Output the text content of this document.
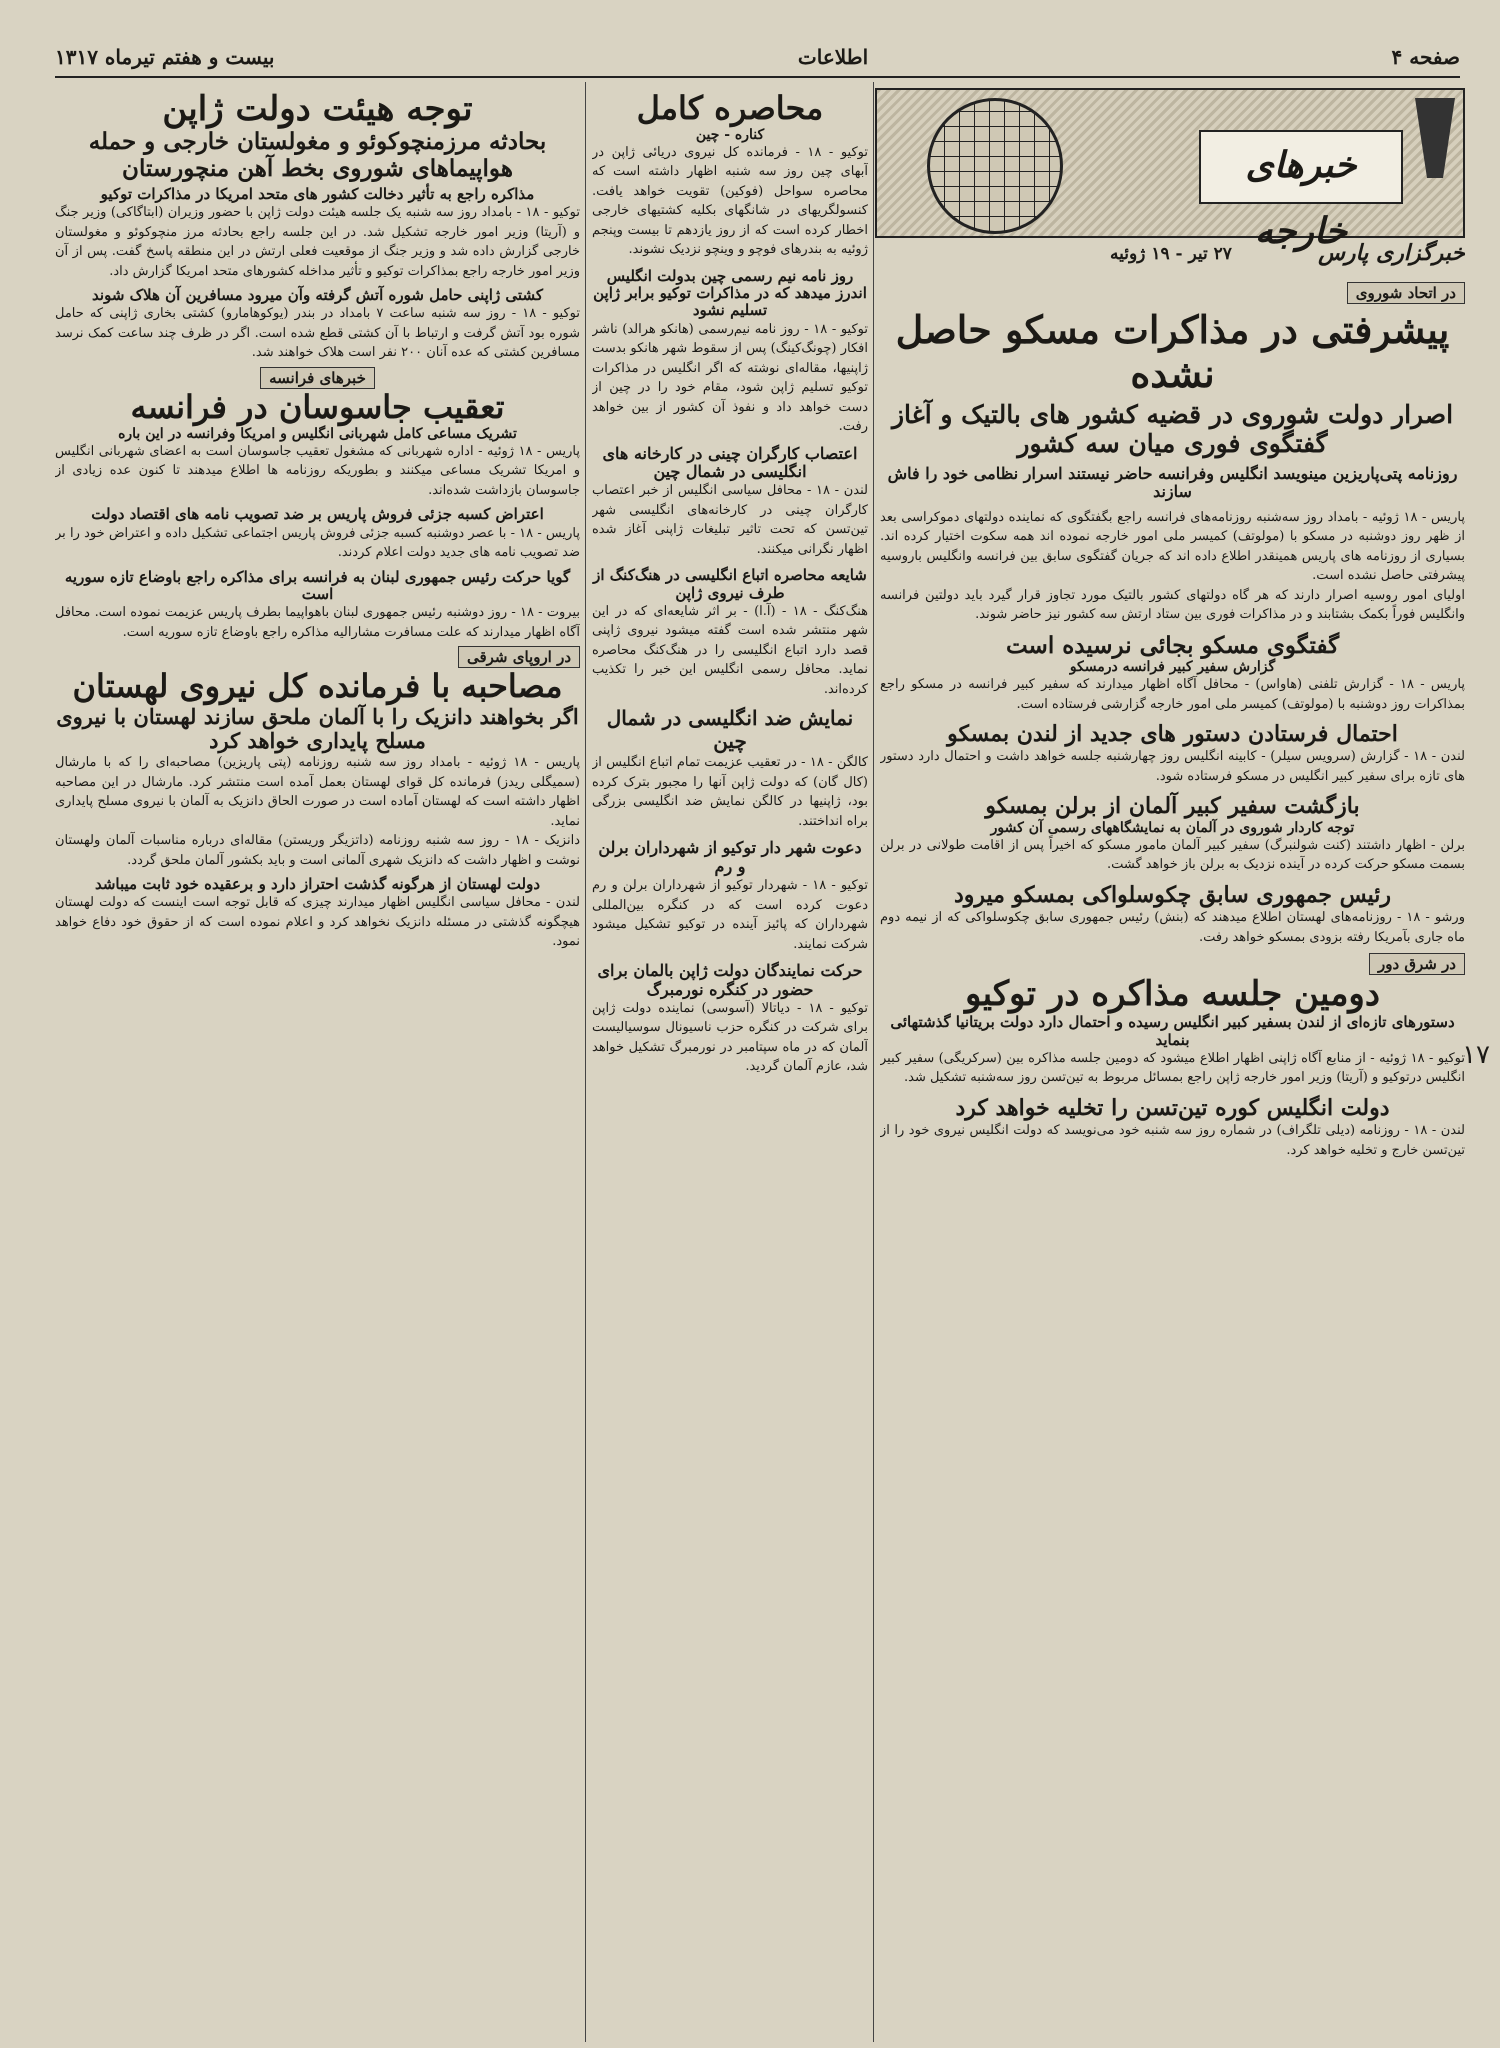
صفحه ۴
اطلاعات
بیست و هفتم تیرماه ۱۳۱۷
خبرهای خارجه
خبرگزاری پارس
۲۷ تیر - ۱۹ ژوئیه
در اتحاد شوروی
پیشرفتی در مذاکرات مسکو حاصل نشده
اصرار دولت شوروی در قضیه کشور های بالتیک و آغاز گفتگوی فوری میان سه کشور
روزنامه پتی‌پاریزین مینویسد انگلیس وفرانسه حاضر نیستند اسرار نظامی خود را فاش سازند
پاریس - ۱۸ ژوئیه - بامداد روز سه‌شنبه روزنامه‌های فرانسه راجع بگفتگوی که نماینده دولتهای دموکراسی بعد از ظهر روز دوشنبه در مسکو با (مولوتف) کمیسر ملی امور خارجه نموده اند همه سکوت اختیار کرده اند. بسیاری از روزنامه های پاریس همینقدر اطلاع داده اند که جریان گفتگوی سابق بین فرانسه وانگلیس باروسیه پیشرفتی حاصل نشده است.
اولیای امور روسیه اصرار دارند که هر گاه دولتهای کشور بالتیک مورد تجاوز قرار گیرد باید دولتین فرانسه وانگلیس فوراً بکمک بشتابند و در مذاکرات فوری بین ستاد ارتش سه کشور نیز حاضر شوند.
گفتگوی مسکو بجائی نرسیده است
گزارش سفیر کبیر فرانسه درمسکو
پاریس - ۱۸ - گزارش تلفنی (هاواس) - محافل آگاه اظهار میدارند که سفیر کبیر فرانسه در مسکو راجع بمذاکرات روز دوشنبه با (مولوتف) کمیسر ملی امور خارجه گزارشی فرستاده است.
احتمال فرستادن دستور های جدید از لندن بمسکو
لندن - ۱۸ - گزارش (سرویس سیلر) - کابینه انگلیس روز چهارشنبه جلسه خواهد داشت و احتمال دارد دستور های تازه برای سفیر کبیر انگلیس در مسکو فرستاده شود.
بازگشت سفیر کبیر آلمان از برلن بمسکو
توجه کاردار شوروی در آلمان به نمایشگاههای رسمی آن کشور
برلن - اظهار داشتند (کنت شولنبرگ) سفیر کبیر آلمان مامور مسکو که اخیراً پس از اقامت طولانی در برلن بسمت مسکو حرکت کرده در آینده نزدیک به برلن باز خواهد گشت.
رئیس جمهوری سابق چکوسلواکی بمسکو میرود
ورشو - ۱۸ - روزنامه‌های لهستان اطلاع میدهند که (بنش) رئیس جمهوری سابق چکوسلواکی که از نیمه دوم ماه جاری بآمریکا رفته بزودی بمسکو خواهد رفت.
در شرق دور
دومین جلسه مذاکره در توکیو
دستورهای تازه‌ای از لندن بسفیر کبیر انگلیس رسیده و احتمال دارد دولت بریتانیا گذشتهائی بنماید
توکیو - ۱۸ ژوئیه - از منابع آگاه ژاپنی اظهار اطلاع میشود که دومین جلسه مذاکره بین (سرکریگی) سفیر کبیر انگلیس درتوکیو و (آریتا) وزیر امور خارجه ژاپن راجع بمسائل مربوط به تین‌تسن روز سه‌شنبه تشکیل شد.
دولت انگلیس کوره تین‌تسن را تخلیه خواهد کرد
لندن - ۱۸ - روزنامه (دیلی تلگراف) در شماره روز سه شنبه خود می‌نویسد که دولت انگلیس نیروی خود را از تین‌تسن خارج و تخلیه خواهد کرد.
محاصره کامل
کناره - چین
توکیو - ۱۸ - فرمانده کل نیروی دریائی ژاپن در آبهای چین روز سه شنبه اظهار داشته است که محاصره سواحل (فوکین) تقویت خواهد یافت. کنسولگریهای در شانگهای بکلیه کشتیهای خارجی اخطار کرده است که از روز یازدهم تا بیست وپنجم ژوئیه به بندرهای فوچو و وینچو نزدیک نشوند.
روز نامه نیم رسمی چین بدولت انگلیس اندرز میدهد که در مذاکرات توکیو برابر ژاپن تسلیم نشود
توکیو - ۱۸ - روز نامه نیم‌رسمی (هانکو هرالد) ناشر افکار (چونگ‌کینگ) پس از سقوط شهر هانکو بدست ژاپنیها، مقاله‌ای نوشته که اگر انگلیس در مذاکرات توکیو تسلیم ژاپن شود، مقام خود را در چین از دست خواهد داد و نفوذ آن کشور از بین خواهد رفت.
اعتصاب کارگران چینی در کارخانه های انگلیسی در شمال چین
لندن - ۱۸ - محافل سیاسی انگلیس از خبر اعتصاب کارگران چینی در کارخانه‌های انگلیسی شهر تین‌تسن که تحت تاثیر تبلیغات ژاپنی آغاز شده اظهار نگرانی میکنند.
شایعه محاصره اتباع انگلیسی در هنگ‌کنگ از طرف نیروی ژاپن
هنگ‌کنگ - ۱۸ - (آ.ا) - بر اثر شایعه‌ای که در این شهر منتشر شده است گفته میشود نیروی ژاپنی قصد دارد اتباع انگلیسی را در هنگ‌کنگ محاصره نماید. محافل رسمی انگلیس این خبر را تکذیب کرده‌اند.
نمایش ضد انگلیسی در شمال چین
کالگن - ۱۸ - در تعقیب عزیمت تمام اتباع انگلیس از (کال گان) که دولت ژاپن آنها را مجبور بترک کرده بود، ژاپنیها در کالگن نمایش ضد انگلیسی بزرگی براه انداختند.
دعوت شهر دار توکیو از شهرداران برلن و رم
توکیو - ۱۸ - شهردار توکیو از شهرداران برلن و رم دعوت کرده است که در کنگره بین‌المللی شهرداران که پائیز آینده در توکیو تشکیل میشود شرکت نمایند.
حرکت نمایندگان دولت ژاپن بالمان برای حضور در کنگره نورمبرگ
توکیو - ۱۸ - دیاتالا (آسوسی) نماینده دولت ژاپن برای شرکت در کنگره حزب ناسیونال سوسیالیست آلمان که در ماه سپتامبر در نورمبرگ تشکیل خواهد شد، عازم آلمان گردید.
توجه هیئت دولت ژاپن
بحادثه مرزمنچوکوئو و مغولستان خارجی و حمله هواپیماهای شوروی بخط آهن منچورستان
مذاکره راجع به تأثیر دخالت کشور های متحد امریکا در مذاکرات توکیو
توکیو - ۱۸ - بامداد روز سه شنبه یک جلسه هیئت دولت ژاپن با حضور وزیران (ابتاگاکی) وزیر جنگ و (آریتا) وزیر امور خارجه تشکیل شد. در این جلسه راجع بحادثه مرز منچوکوئو و مغولستان خارجی گزارش داده شد و وزیر جنگ از موقعیت فعلی ارتش در این منطقه پاسخ گفت. پس از آن وزیر امور خارجه راجع بمذاکرات توکیو و تأثیر مداخله کشورهای متحد امریکا گزارش داد.
کشتی ژاپنی حامل شوره آتش گرفته وآن میرود مسافرین آن هلاک شوند
توکیو - ۱۸ - روز سه شنبه ساعت ۷ بامداد در بندر (یوکوهامارو) کشتی بخاری ژاپنی که حامل شوره بود آتش گرفت و ارتباط با آن کشتی قطع شده است. اگر در ظرف چند ساعت کمک نرسد مسافرین کشتی که عده آنان ۲۰۰ نفر است هلاک خواهند شد.
خبرهای فرانسه
تعقیب جاسوسان در فرانسه
تشریک مساعی کامل شهربانی انگلیس و امریکا وفرانسه در این باره
پاریس - ۱۸ ژوئیه - اداره شهربانی که مشغول تعقیب جاسوسان است به اعضای شهربانی انگلیس و امریکا تشریک مساعی میکنند و بطوریکه روزنامه ها اطلاع میدهند تا کنون عده زیادی از جاسوسان بازداشت شده‌اند.
اعتراض کسبه جزئی فروش پاریس بر ضد تصویب نامه های اقتصاد دولت
پاریس - ۱۸ - با عصر دوشنبه کسبه جزئی فروش پاریس اجتماعی تشکیل داده و اعتراض خود را بر ضد تصویب نامه های جدید دولت اعلام کردند.
گویا حرکت رئیس جمهوری لبنان به فرانسه برای مذاکره راجع باوضاع تازه سوریه است
بیروت - ۱۸ - روز دوشنبه رئیس جمهوری لبنان باهواپیما بطرف پاریس عزیمت نموده است. محافل آگاه اظهار میدارند که علت مسافرت مشارالیه مذاکره راجع باوضاع تازه سوریه است.
در اروپای شرقی
مصاحبه با فرمانده کل نیروی لهستان
اگر بخواهند دانزیک را با آلمان ملحق سازند لهستان با نیروی مسلح پایداری خواهد کرد
پاریس - ۱۸ ژوئیه - بامداد روز سه شنبه روزنامه (پتی پاریزین) مصاحبه‌ای را که با مارشال (سمیگلی ریدز) فرمانده کل قوای لهستان بعمل آمده است منتشر کرد. مارشال در این مصاحبه اظهار داشته است که لهستان آماده است در صورت الحاق دانزیک به آلمان با نیروی مسلح پایداری نماید.
دانزیک - ۱۸ - روز سه شنبه روزنامه (داتزیگر وریستن) مقاله‌ای درباره مناسبات آلمان ولهستان نوشت و اظهار داشت که دانزیک شهری آلمانی است و باید بکشور آلمان ملحق گردد.
دولت لهستان از هرگونه گذشت احتراز دارد و برعقیده خود ثابت میباشد
لندن - محافل سیاسی انگلیس اظهار میدارند چیزی که قابل توجه است اینست که دولت لهستان هیچگونه گذشتی در مسئله دانزیک نخواهد کرد و اعلام نموده است که از حقوق خود دفاع خواهد نمود.
۱۷
